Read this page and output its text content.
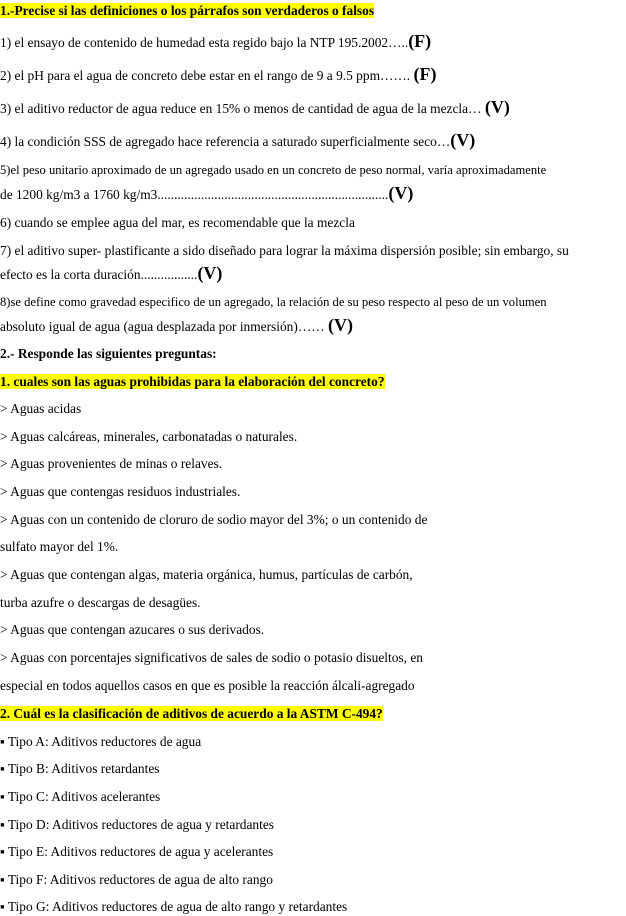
1.-Precise si las definiciones o los párrafos son verdaderos o falsos
1) el ensayo de contenido de humedad esta regido bajo la NTP 195.2002…..(F)
2) el pH para el agua de concreto debe estar en el rango de 9 a 9.5 ppm……. (F)
3) el aditivo reductor de agua reduce en 15% o menos de cantidad de agua de la mezcla… (V)
4) la condición SSS de agregado hace referencia a saturado superficialmente seco…(V)
5)el peso unitario aproximado de un agregado usado en un concreto de peso normal, varía aproximadamente
de 1200 kg/m3 a 1760 kg/m3.....................................................................(V)
6) cuando se emplee agua del mar, es recomendable que la mezcla
7) el aditivo super- plastificante a sido diseñado para lograr la máxima dispersión posible; sin embargo, su
efecto es la corta duración.................(V)
8)se define como gravedad especifico de un agregado, la relación de su peso respecto al peso de un volumen
absoluto igual de agua (agua desplazada por inmersión)…… (V)
2.- Responde las siguientes preguntas:
1. cuales son las aguas prohibidas para la elaboración del concreto?
> Aguas acidas
> Aguas calcáreas, minerales, carbonatadas o naturales.
> Aguas provenientes de minas o relaves.
> Aguas que contengas residuos industriales.
> Aguas con un contenido de cloruro de sodio mayor del 3%; o un contenido de
sulfato mayor del 1%.
> Aguas que contengan algas, materia orgánica, humus, partículas de carbón,
turba azufre o descargas de desagües.
> Aguas que contengan azucares o sus derivados.
> Aguas con porcentajes significativos de sales de sodio o potasio disueltos, en
especial en todos aquellos casos en que es posible la reacción álcali-agregado
2. Cuál es la clasificación de aditivos de acuerdo a la ASTM C-494?
▪ Tipo A: Aditivos reductores de agua
▪ Tipo B: Aditivos retardantes
▪ Tipo C: Aditivos acelerantes
▪ Tipo D: Aditivos reductores de agua y retardantes
▪ Tipo E: Aditivos reductores de agua y acelerantes
▪ Tipo F: Aditivos reductores de agua de alto rango
▪ Tipo G: Aditivos reductores de agua de alto rango y retardantes
